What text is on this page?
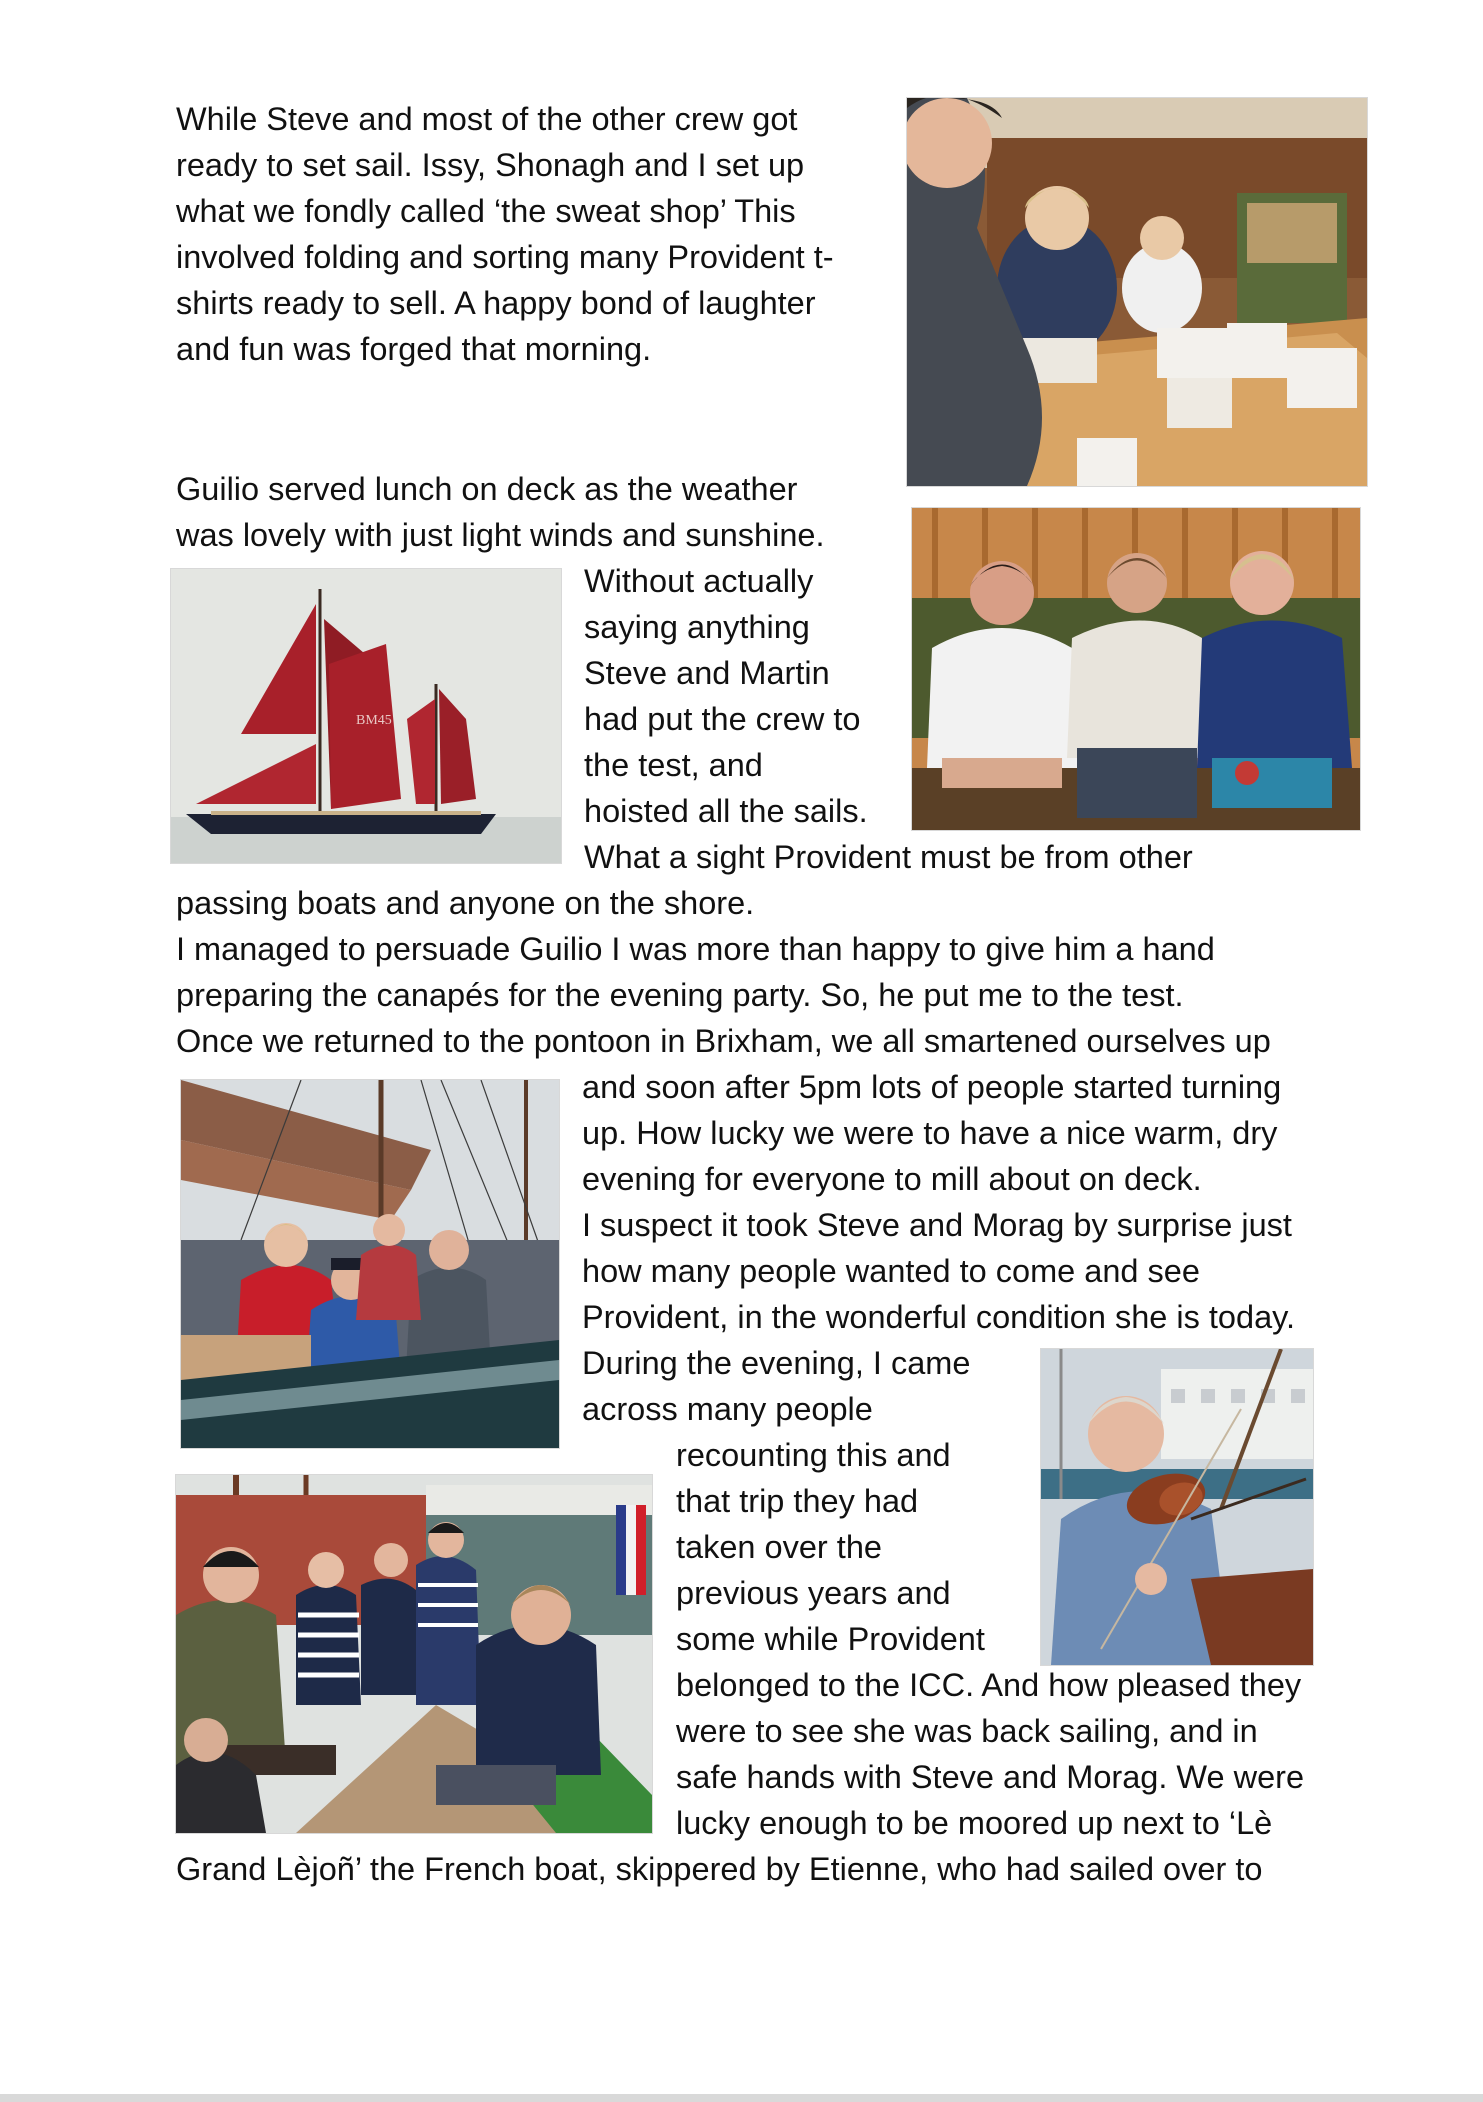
While Steve and most of the other crew got
ready to set sail. Issy, Shonagh and I set up
what we fondly called ‘the sweat shop’ This
involved folding and sorting many Provident t-
shirts ready to sell. A happy bond of laughter
and fun was forged that morning.
Guilio served lunch on deck as the weather
was lovely with just light winds and sunshine.
Without actually
saying anything
Steve and Martin
had put the crew to
the test, and
hoisted all the sails.
What a sight Provident must be from other
passing boats and anyone on the shore.
I managed to persuade Guilio I was more than happy to give him a hand
preparing the canapés for the evening party. So, he put me to the test.
Once we returned to the pontoon in Brixham, we all smartened ourselves up
and soon after 5pm lots of people started turning
up. How lucky we were to have a nice warm, dry
evening for everyone to mill about on deck.
I suspect it took Steve and Morag by surprise just
how many people wanted to come and see
Provident, in the wonderful condition she is today.
During the evening, I came
across many people
recounting this and
that trip they had
taken over the
previous years and
some while Provident
belonged to the ICC. And how pleased they
were to see she was back sailing, and in
safe hands with Steve and Morag. We were
lucky enough to be moored up next to ‘Lè
Grand Lèjoñ’ the French boat, skippered by Etienne, who had sailed over to
BM45
